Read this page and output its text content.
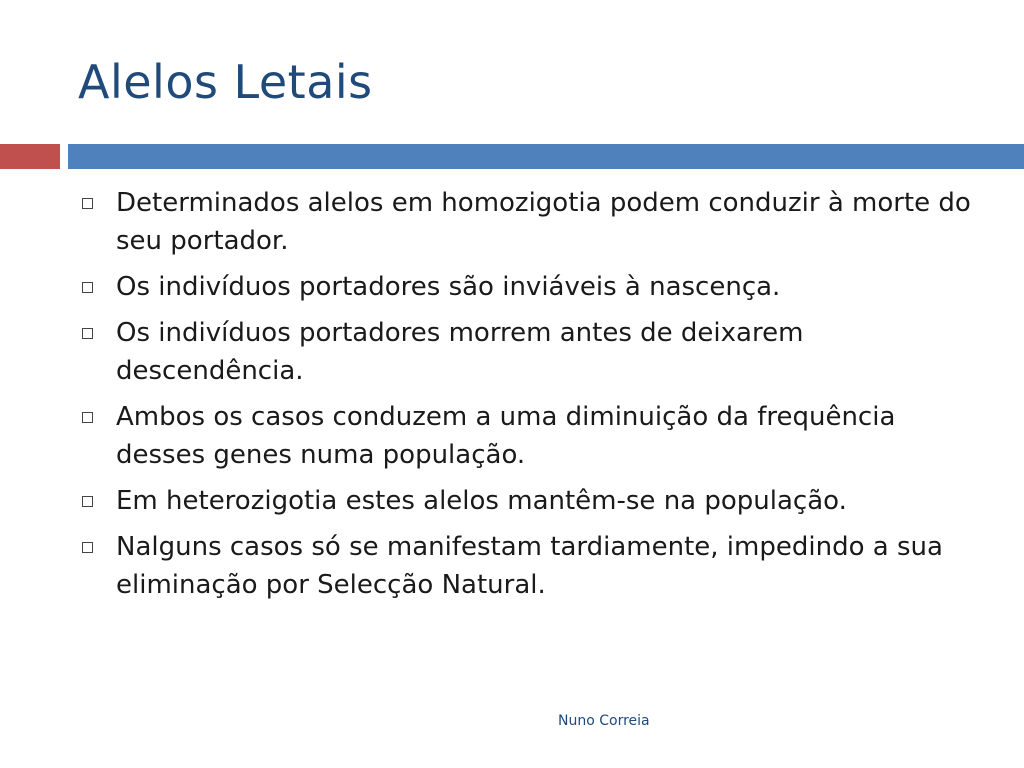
Alelos Letais
Determinados alelos em homozigotia podem conduzir à morte do seu portador.
Os indivíduos portadores são inviáveis à nascença.
Os indivíduos portadores morrem antes de deixarem descendência.
Ambos os casos conduzem a uma diminuição da frequência desses genes numa população.
Em heterozigotia estes alelos mantêm-se na população.
Nalguns casos só se manifestam tardiamente, impedindo a sua eliminação por Selecção Natural.
Nuno Correia
